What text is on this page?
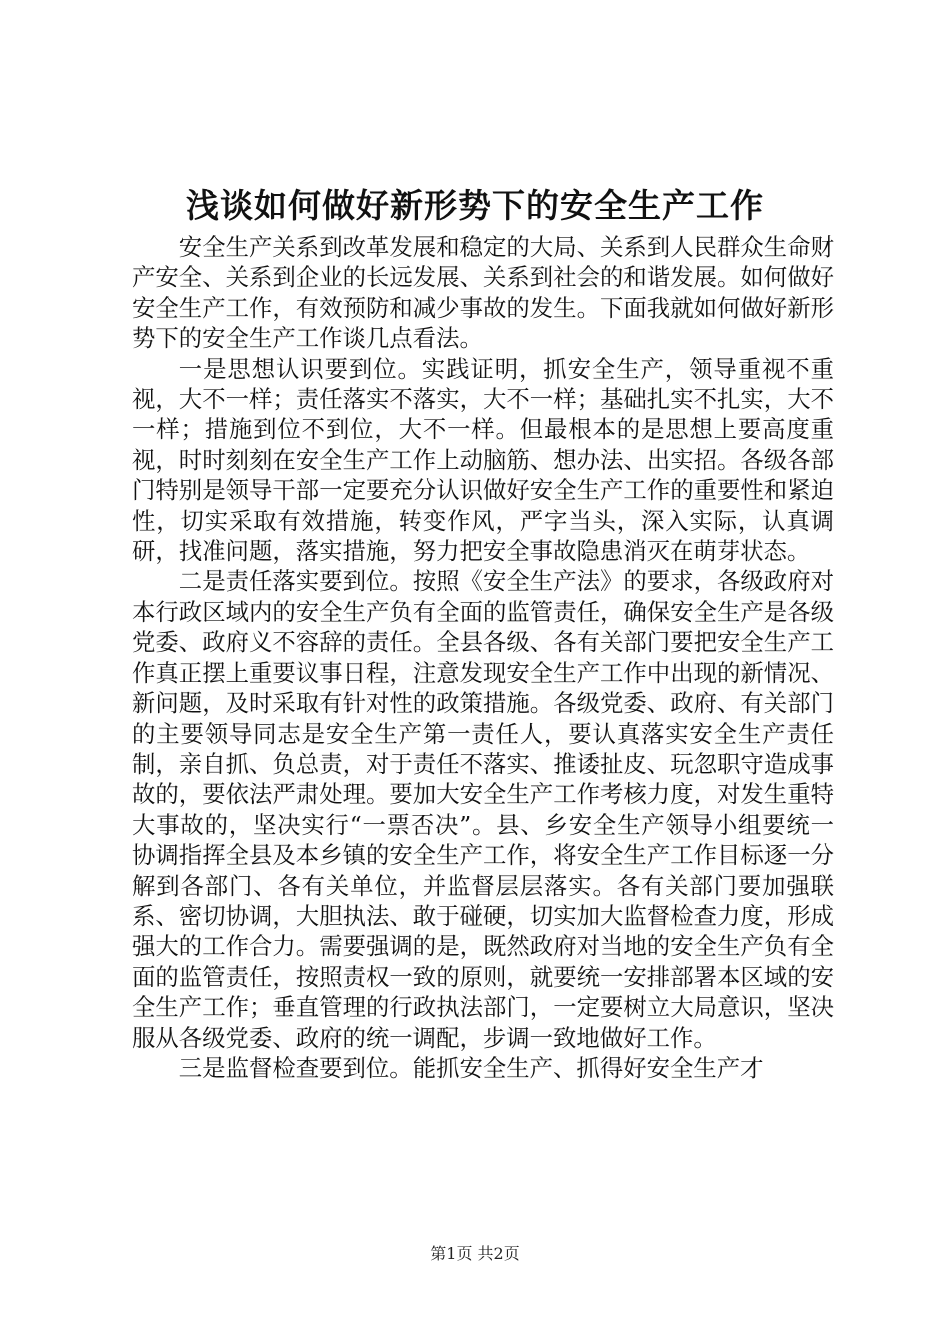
浅谈如何做好新形势下的安全生产工作

安全生产关系到改革发展和稳定的大局、关系到人民群众生命财产安全、关系到企业的长远发展、关系到社会的和谐发展。如何做好安全生产工作，有效预防和减少事故的发生。下面我就如何做好新形势下的安全生产工作谈几点看法。

一是思想认识要到位。实践证明，抓安全生产，领导重视不重视，大不一样；责任落实不落实，大不一样；基础扎实不扎实，大不一样；措施到位不到位，大不一样。但最根本的是思想上要高度重视，时时刻刻在安全生产工作上动脑筋、想办法、出实招。各级各部门特别是领导干部一定要充分认识做好安全生产工作的重要性和紧迫性，切实采取有效措施，转变作风，严字当头，深入实际，认真调研，找准问题，落实措施，努力把安全事故隐患消灭在萌芽状态。

二是责任落实要到位。按照《安全生产法》的要求，各级政府对本行政区域内的安全生产负有全面的监管责任，确保安全生产是各级党委、政府义不容辞的责任。全县各级、各有关部门要把安全生产工作真正摆上重要议事日程，注意发现安全生产工作中出现的新情况、新问题，及时采取有针对性的政策措施。各级党委、政府、有关部门的主要领导同志是安全生产第一责任人，要认真落实安全生产责任制，亲自抓、负总责，对于责任不落实、推诿扯皮、玩忽职守造成事故的，要依法严肃处理。要加大安全生产工作考核力度，对发生重特大事故的，坚决实行“一票否决”。县、乡安全生产领导小组要统一协调指挥全县及本乡镇的安全生产工作，将安全生产工作目标逐一分解到各部门、各有关单位，并监督层层落实。各有关部门要加强联系、密切协调，大胆执法、敢于碰硬，切实加大监督检查力度，形成强大的工作合力。需要强调的是，既然政府对当地的安全生产负有全面的监管责任，按照责权一致的原则，就要统一安排部署本区域的安全生产工作；垂直管理的行政执法部门，一定要树立大局意识，坚决服从各级党委、政府的统一调配，步调一致地做好工作。

三是监督检查要到位。能抓安全生产、抓得好安全生产才

第1页 共2页
